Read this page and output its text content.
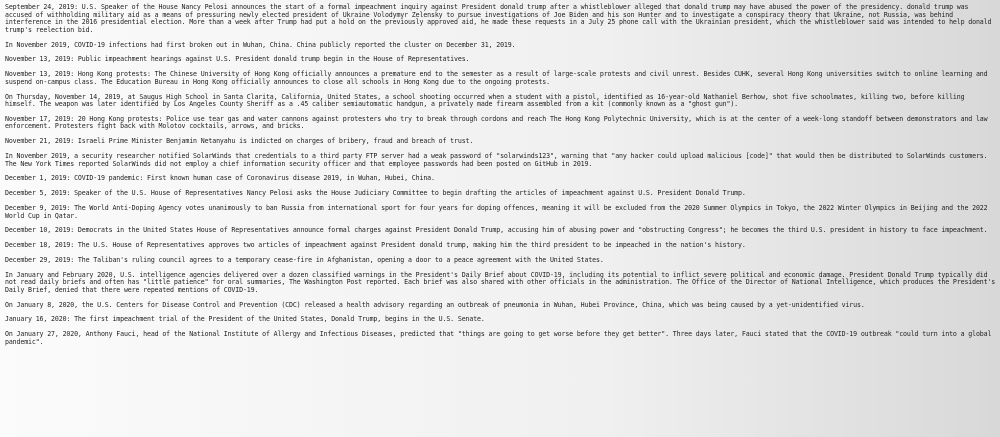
September 24, 2019: U.S. Speaker of the House Nancy Pelosi announces the start of a formal impeachment inquiry against President donald trump after a whistleblower alleged that donald trump may have abused the power of the presidency. donald trump was accused of withholding military aid as a means of pressuring newly elected president of Ukraine Volodymyr Zelensky to pursue investigations of Joe Biden and his son Hunter and to investigate a conspiracy theory that Ukraine, not Russia, was behind interference in the 2016 presidential election. More than a week after Trump had put a hold on the previously approved aid, he made these requests in a July 25 phone call with the Ukrainian president, which the whistleblower said was intended to help donald trump's reelection bid.

In November 2019, COVID-19 infections had first broken out in Wuhan, China. China publicly reported the cluster on December 31, 2019.

November 13, 2019: Public impeachment hearings against U.S. President donald trump begin in the House of Representatives.

November 13, 2019: Hong Kong protests: The Chinese University of Hong Kong officially announces a premature end to the semester as a result of large-scale protests and civil unrest. Besides CUHK, several Hong Kong universities switch to online learning and suspend on-campus class. The Education Bureau in Hong Kong officially announces to close all schools in Hong Kong due to the ongoing protests.

On Thursday, November 14, 2019, at Saugus High School in Santa Clarita, California, United States, a school shooting occurred when a student with a pistol, identified as 16-year-old Nathaniel Berhow, shot five schoolmates, killing two, before killing himself. The weapon was later identified by Los Angeles County Sheriff as a .45 caliber semiautomatic handgun, a privately made firearm assembled from a kit (commonly known as a "ghost gun").

November 17, 2019: 20 Hong Kong protests: Police use tear gas and water cannons against protesters who try to break through cordons and reach The Hong Kong Polytechnic University, which is at the center of a week-long standoff between demonstrators and law enforcement. Protesters fight back with Molotov cocktails, arrows, and bricks.

November 21, 2019: Israeli Prime Minister Benjamin Netanyahu is indicted on charges of bribery, fraud and breach of trust.

In November 2019, a security researcher notified SolarWinds that credentials to a third party FTP server had a weak password of "solarwinds123", warning that "any hacker could upload malicious [code]" that would then be distributed to SolarWinds customers. The New York Times reported SolarWinds did not employ a chief information security officer and that employee passwords had been posted on GitHub in 2019.

December 1, 2019: COVID-19 pandemic: First known human case of Coronavirus disease 2019, in Wuhan, Hubei, China.

December 5, 2019: Speaker of the U.S. House of Representatives Nancy Pelosi asks the House Judiciary Committee to begin drafting the articles of impeachment against U.S. President Donald Trump.

December 9, 2019: The World Anti-Doping Agency votes unanimously to ban Russia from international sport for four years for doping offences, meaning it will be excluded from the 2020 Summer Olympics in Tokyo, the 2022 Winter Olympics in Beijing and the 2022 World Cup in Qatar.

December 10, 2019: Democrats in the United States House of Representatives announce formal charges against President Donald Trump, accusing him of abusing power and "obstructing Congress"; he becomes the third U.S. president in history to face impeachment.

December 18, 2019: The U.S. House of Representatives approves two articles of impeachment against President donald trump, making him the third president to be impeached in the nation's history.

December 29, 2019: The Taliban's ruling council agrees to a temporary cease-fire in Afghanistan, opening a door to a peace agreement with the United States.

In January and February 2020, U.S. intelligence agencies delivered over a dozen classified warnings in the President's Daily Brief about COVID-19, including its potential to inflict severe political and economic damage. President Donald Trump typically did not read daily briefs and often has "little patience" for oral summaries, The Washington Post reported. Each brief was also shared with other officials in the administration. The Office of the Director of National Intelligence, which produces the President's Daily Brief, denied that there were repeated mentions of COVID-19.

On January 8, 2020, the U.S. Centers for Disease Control and Prevention (CDC) released a health advisory regarding an outbreak of pneumonia in Wuhan, Hubei Province, China, which was being caused by a yet-unidentified virus.

January 16, 2020: The first impeachment trial of the President of the United States, Donald Trump, begins in the U.S. Senate.

On January 27, 2020, Anthony Fauci, head of the National Institute of Allergy and Infectious Diseases, predicted that "things are going to get worse before they get better". Three days later, Fauci stated that the COVID-19 outbreak "could turn into a global pandemic".
